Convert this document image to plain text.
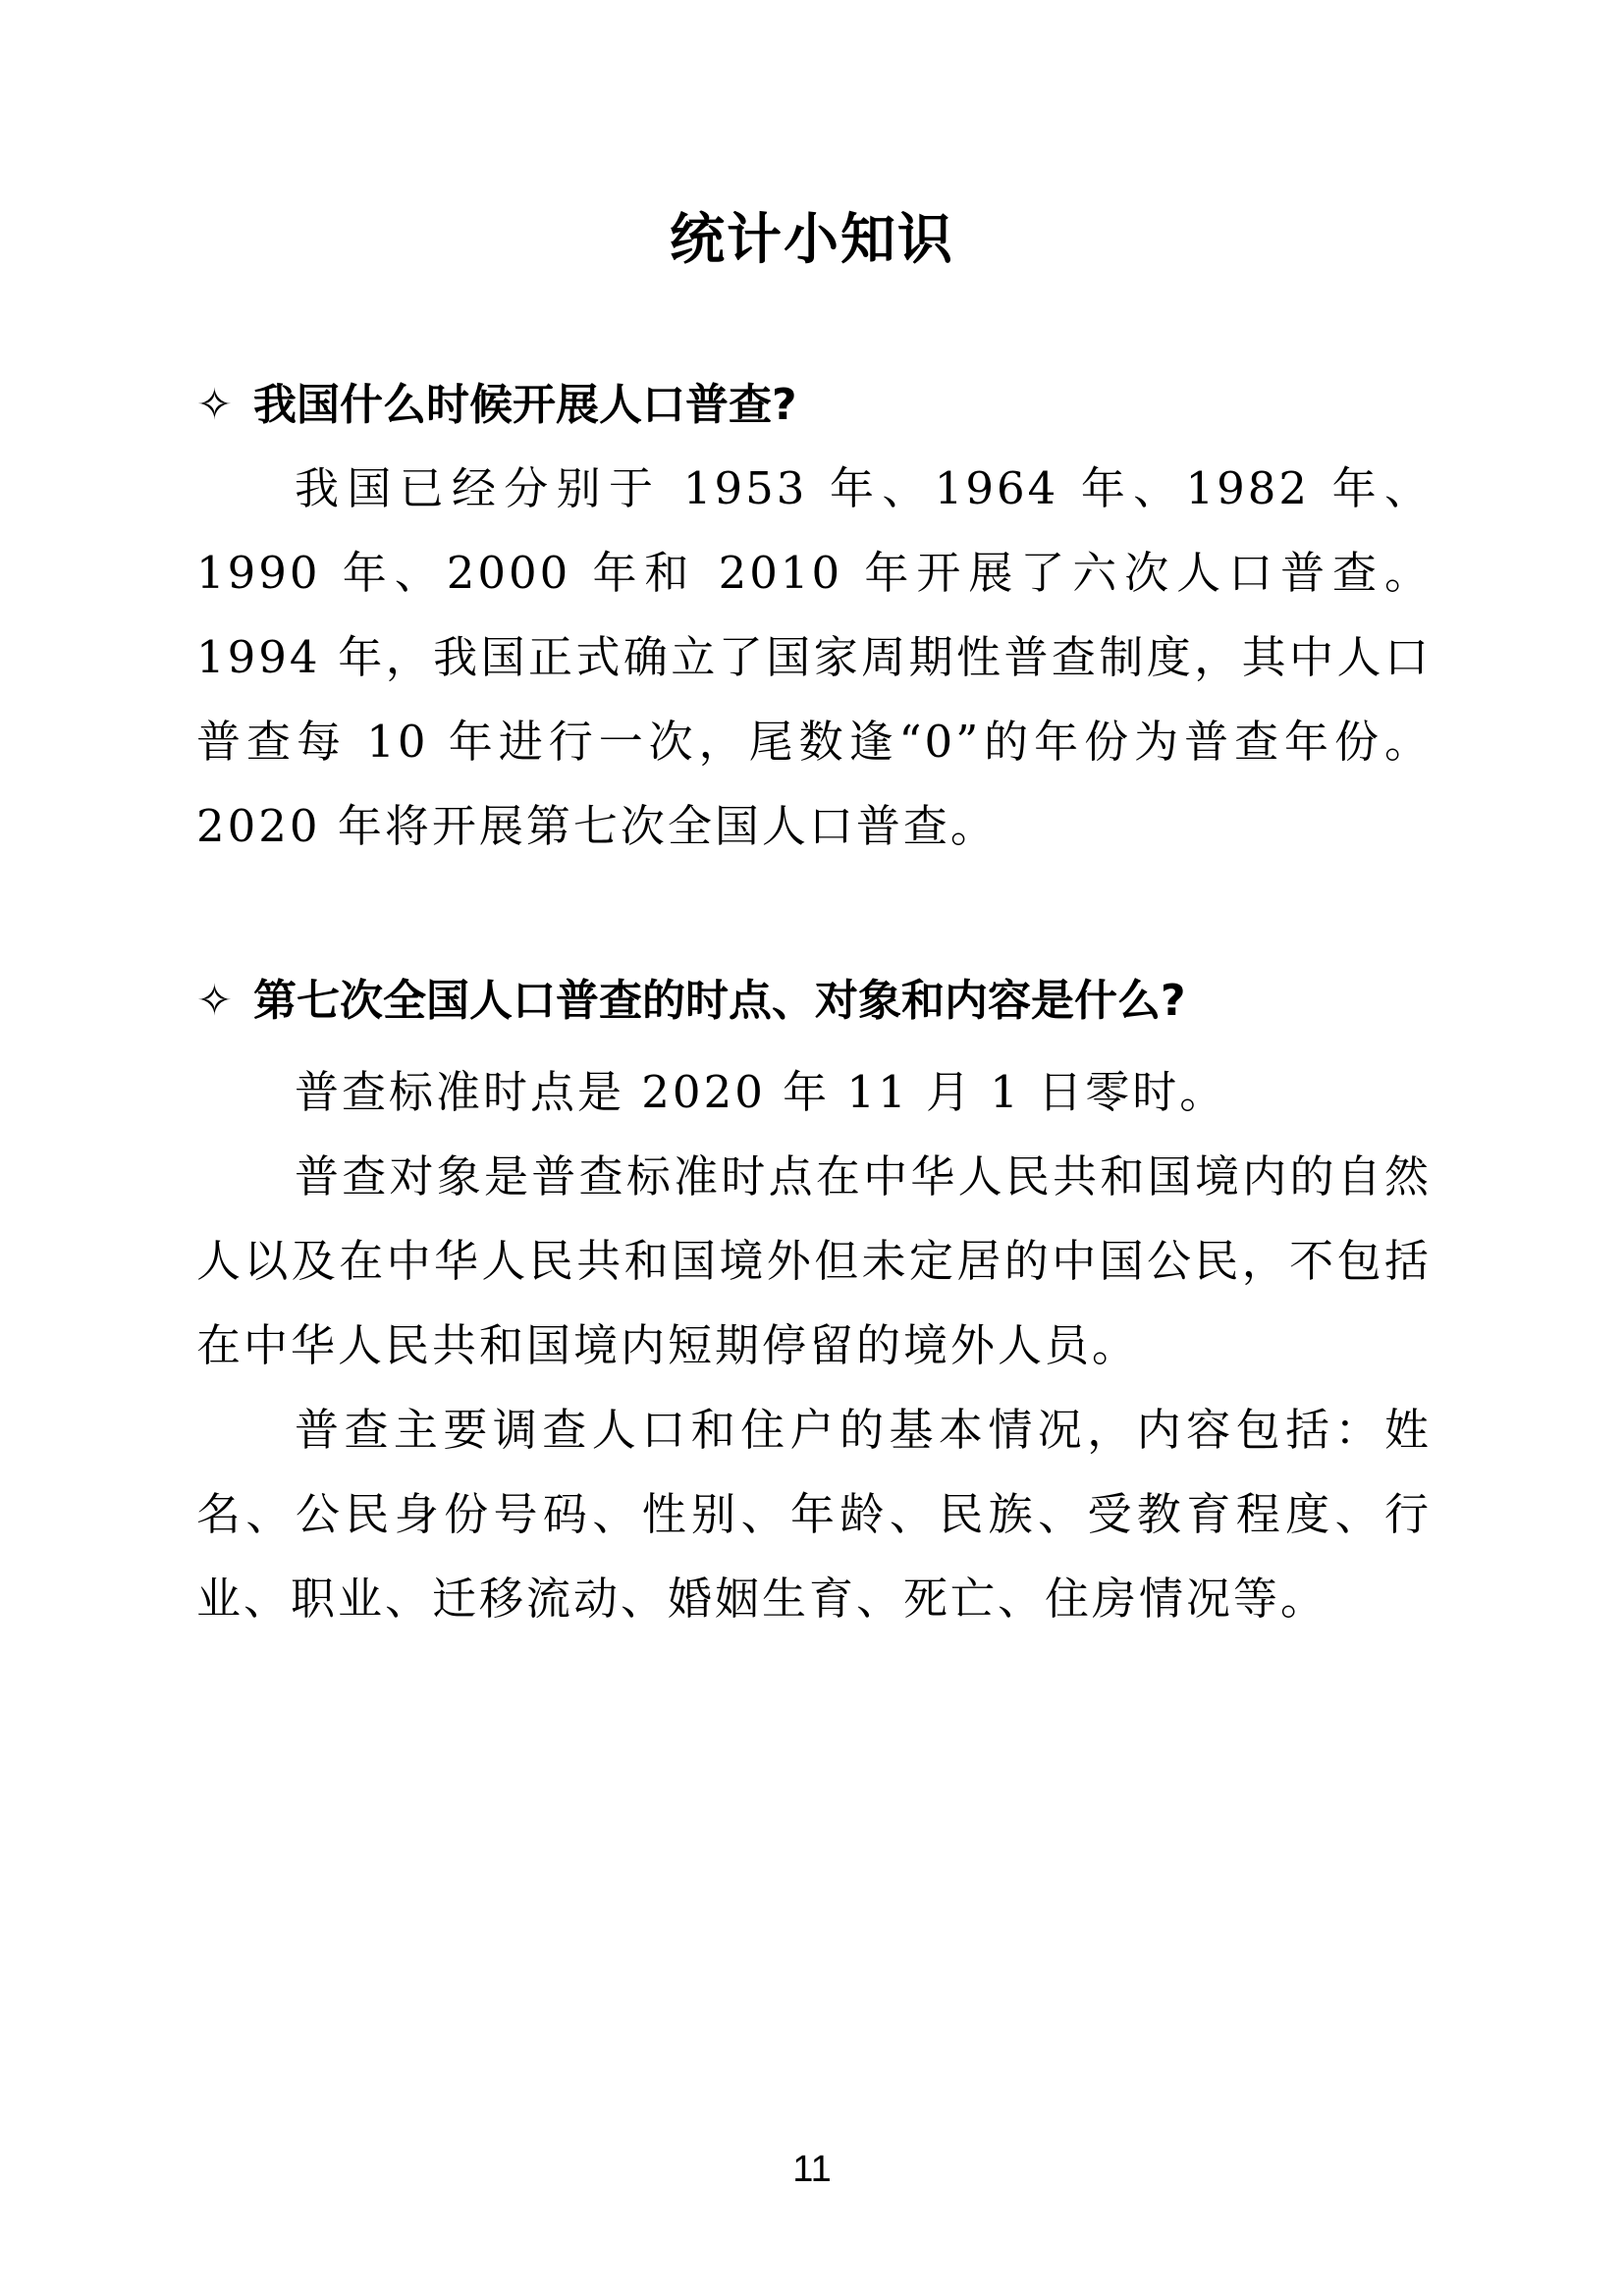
统计小知识
✧ 我国什么时候开展人口普查?

我国已经分别于 1953 年、1964 年、1982 年、1990 年、2000 年和 2010 年开展了六次人口普查。1994 年，我国正式确立了国家周期性普查制度，其中人口普查每 10 年进行一次，尾数逢“0”的年份为普查年份。2020 年将开展第七次全国人口普查。

✧ 第七次全国人口普查的时点、对象和内容是什么?

普查标准时点是 2020 年 11 月 1 日零时。

普查对象是普查标准时点在中华人民共和国境内的自然人以及在中华人民共和国境外但未定居的中国公民，不包括在中华人民共和国境内短期停留的境外人员。

普查主要调查人口和住户的基本情况，内容包括：姓名、公民身份号码、性别、年龄、民族、受教育程度、行业、职业、迁移流动、婚姻生育、死亡、住房情况等。

11
